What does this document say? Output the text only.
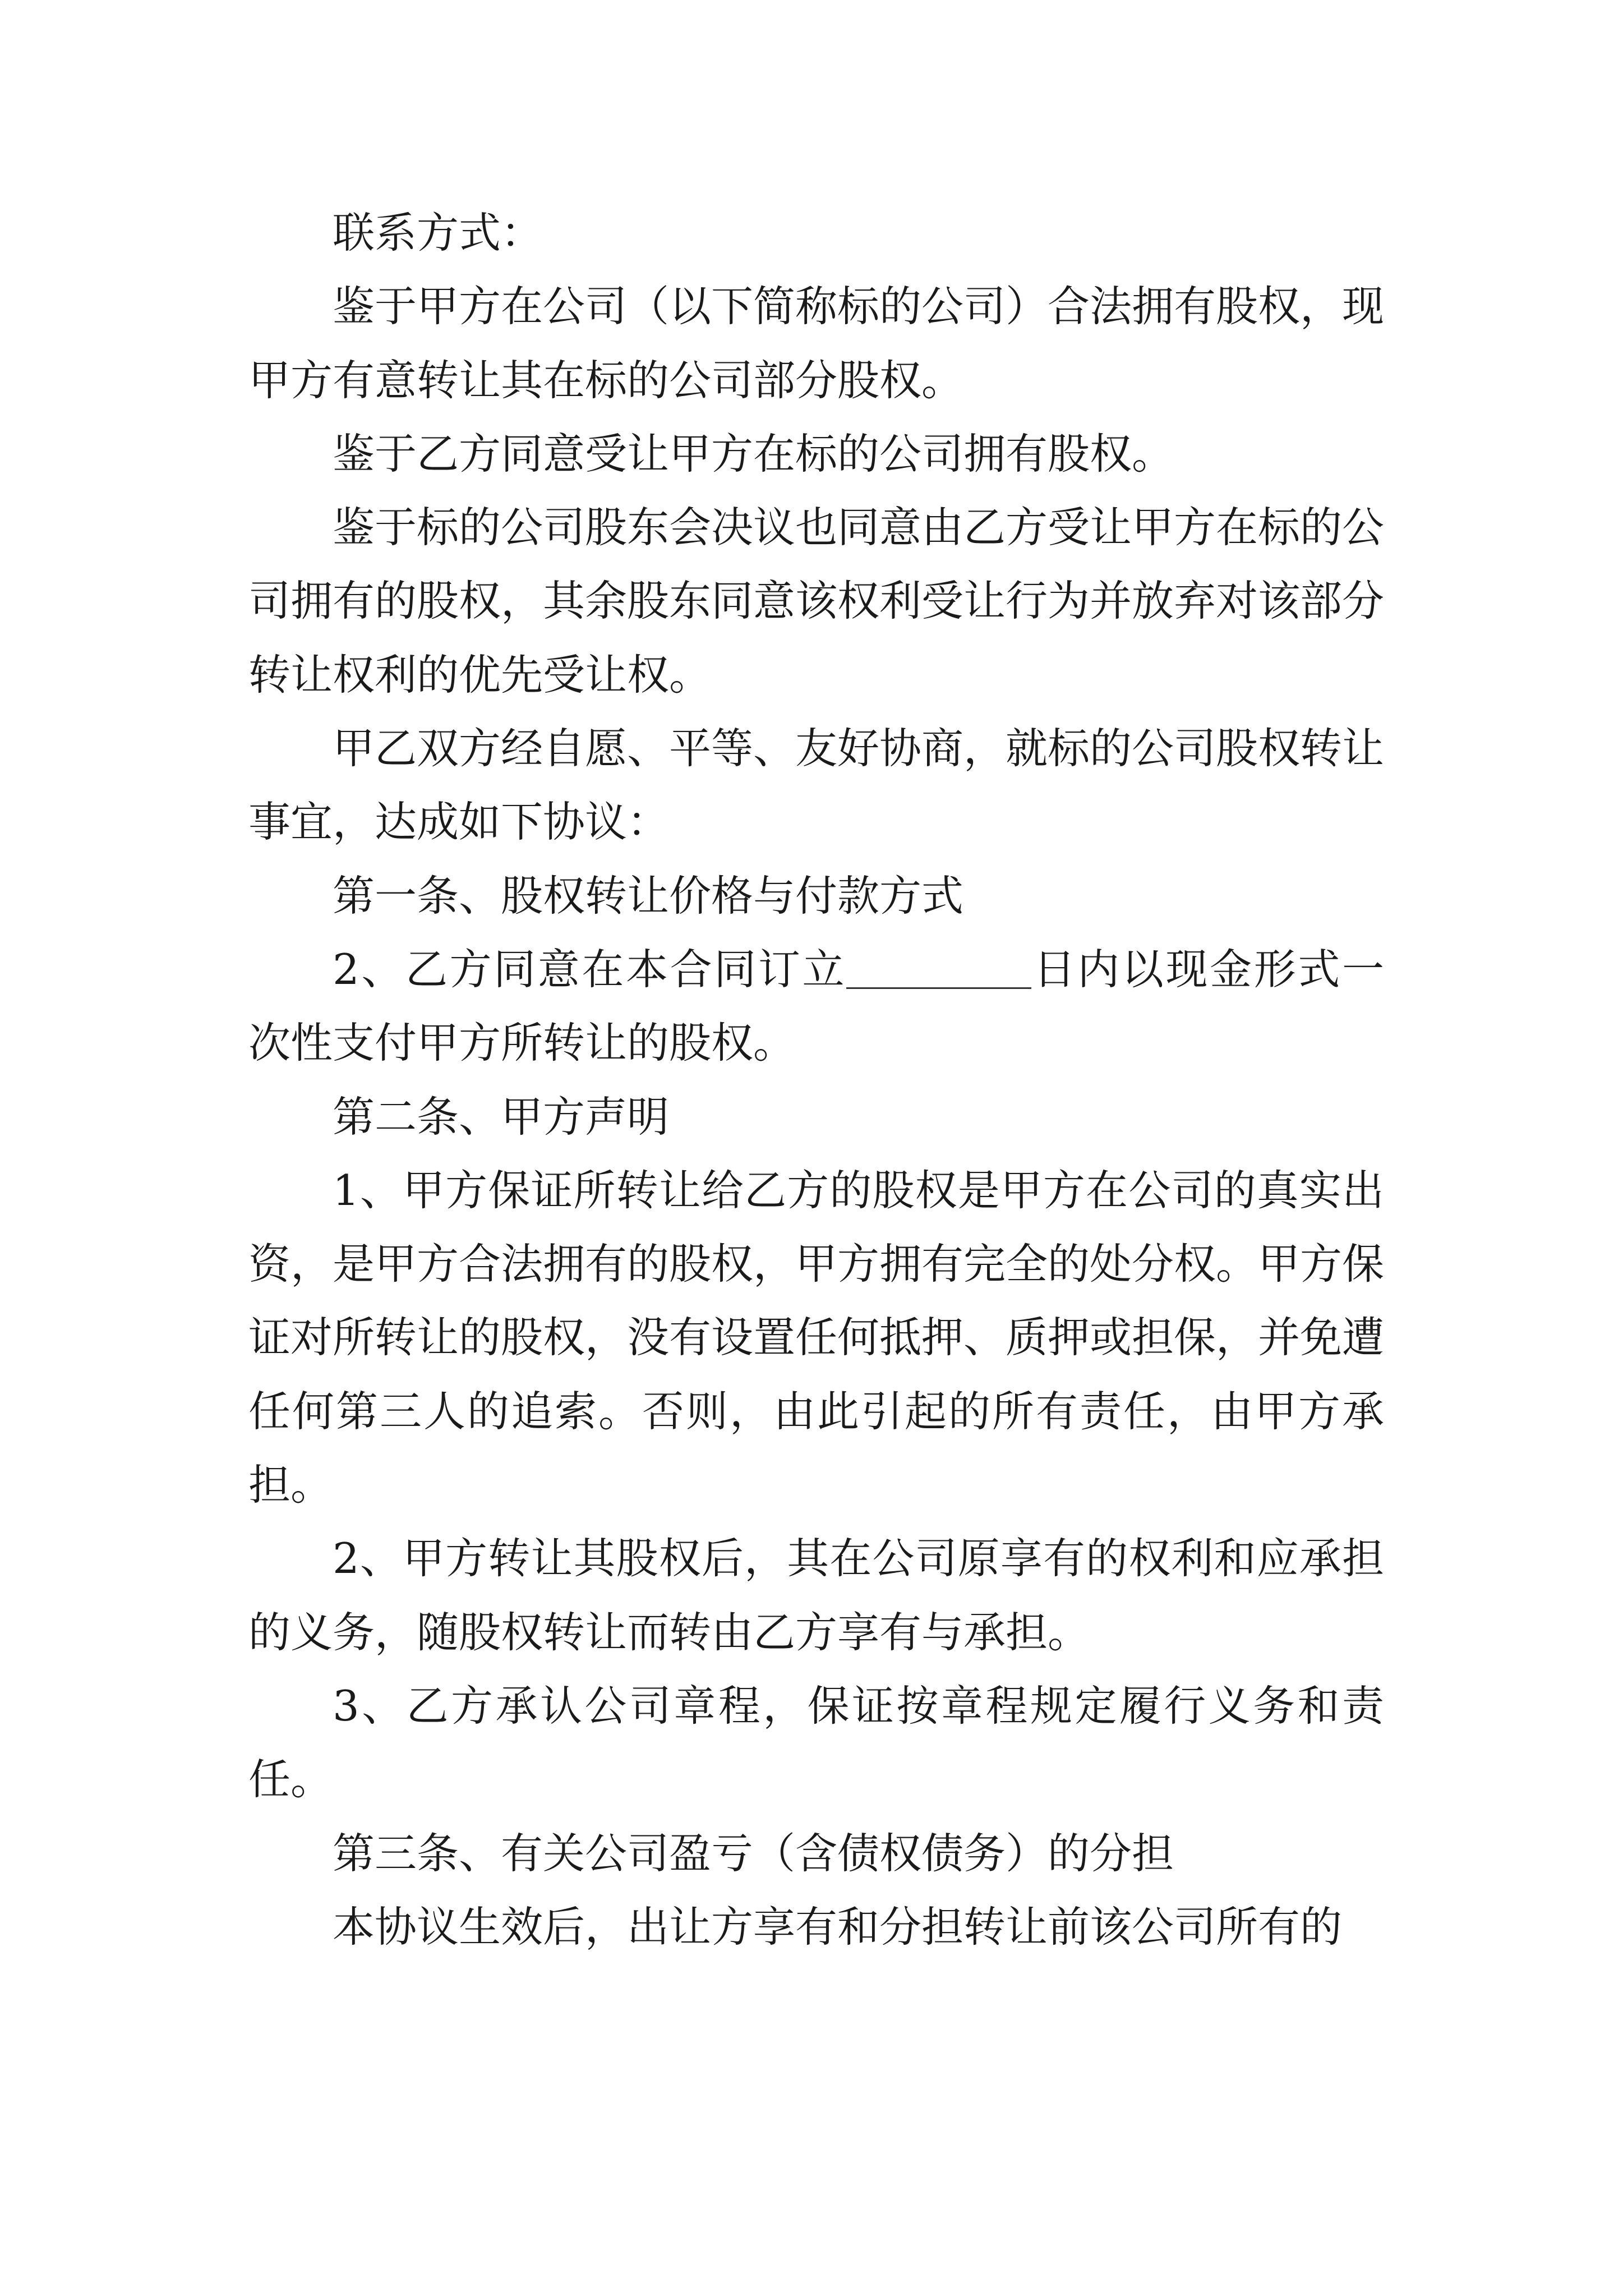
联系方式：

鉴于甲方在公司（以下简称标的公司）合法拥有股权，现甲方有意转让其在标的公司部分股权。

鉴于乙方同意受让甲方在标的公司拥有股权。

鉴于标的公司股东会决议也同意由乙方受让甲方在标的公司拥有的股权，其余股东同意该权利受让行为并放弃对该部分转让权利的优先受让权。

甲乙双方经自愿、平等、友好协商，就标的公司股权转让事宜，达成如下协议：

第一条、股权转让价格与付款方式

2、乙方同意在本合同订立	日内以现金形式一次性支付甲方所转让的股权。

第二条、甲方声明

1、甲方保证所转让给乙方的股权是甲方在公司的真实出资，是甲方合法拥有的股权，甲方拥有完全的处分权。甲方保证对所转让的股权，没有设置任何抵押、质押或担保，并免遭任何第三人的追索。否则，由此引起的所有责任，由甲方承担。

2、甲方转让其股权后，其在公司原享有的权利和应承担的义务，随股权转让而转由乙方享有与承担。

3、乙方承认公司章程，保证按章程规定履行义务和责任。

第三条、有关公司盈亏（含债权债务）的分担

本协议生效后，出让方享有和分担转让前该公司所有的
